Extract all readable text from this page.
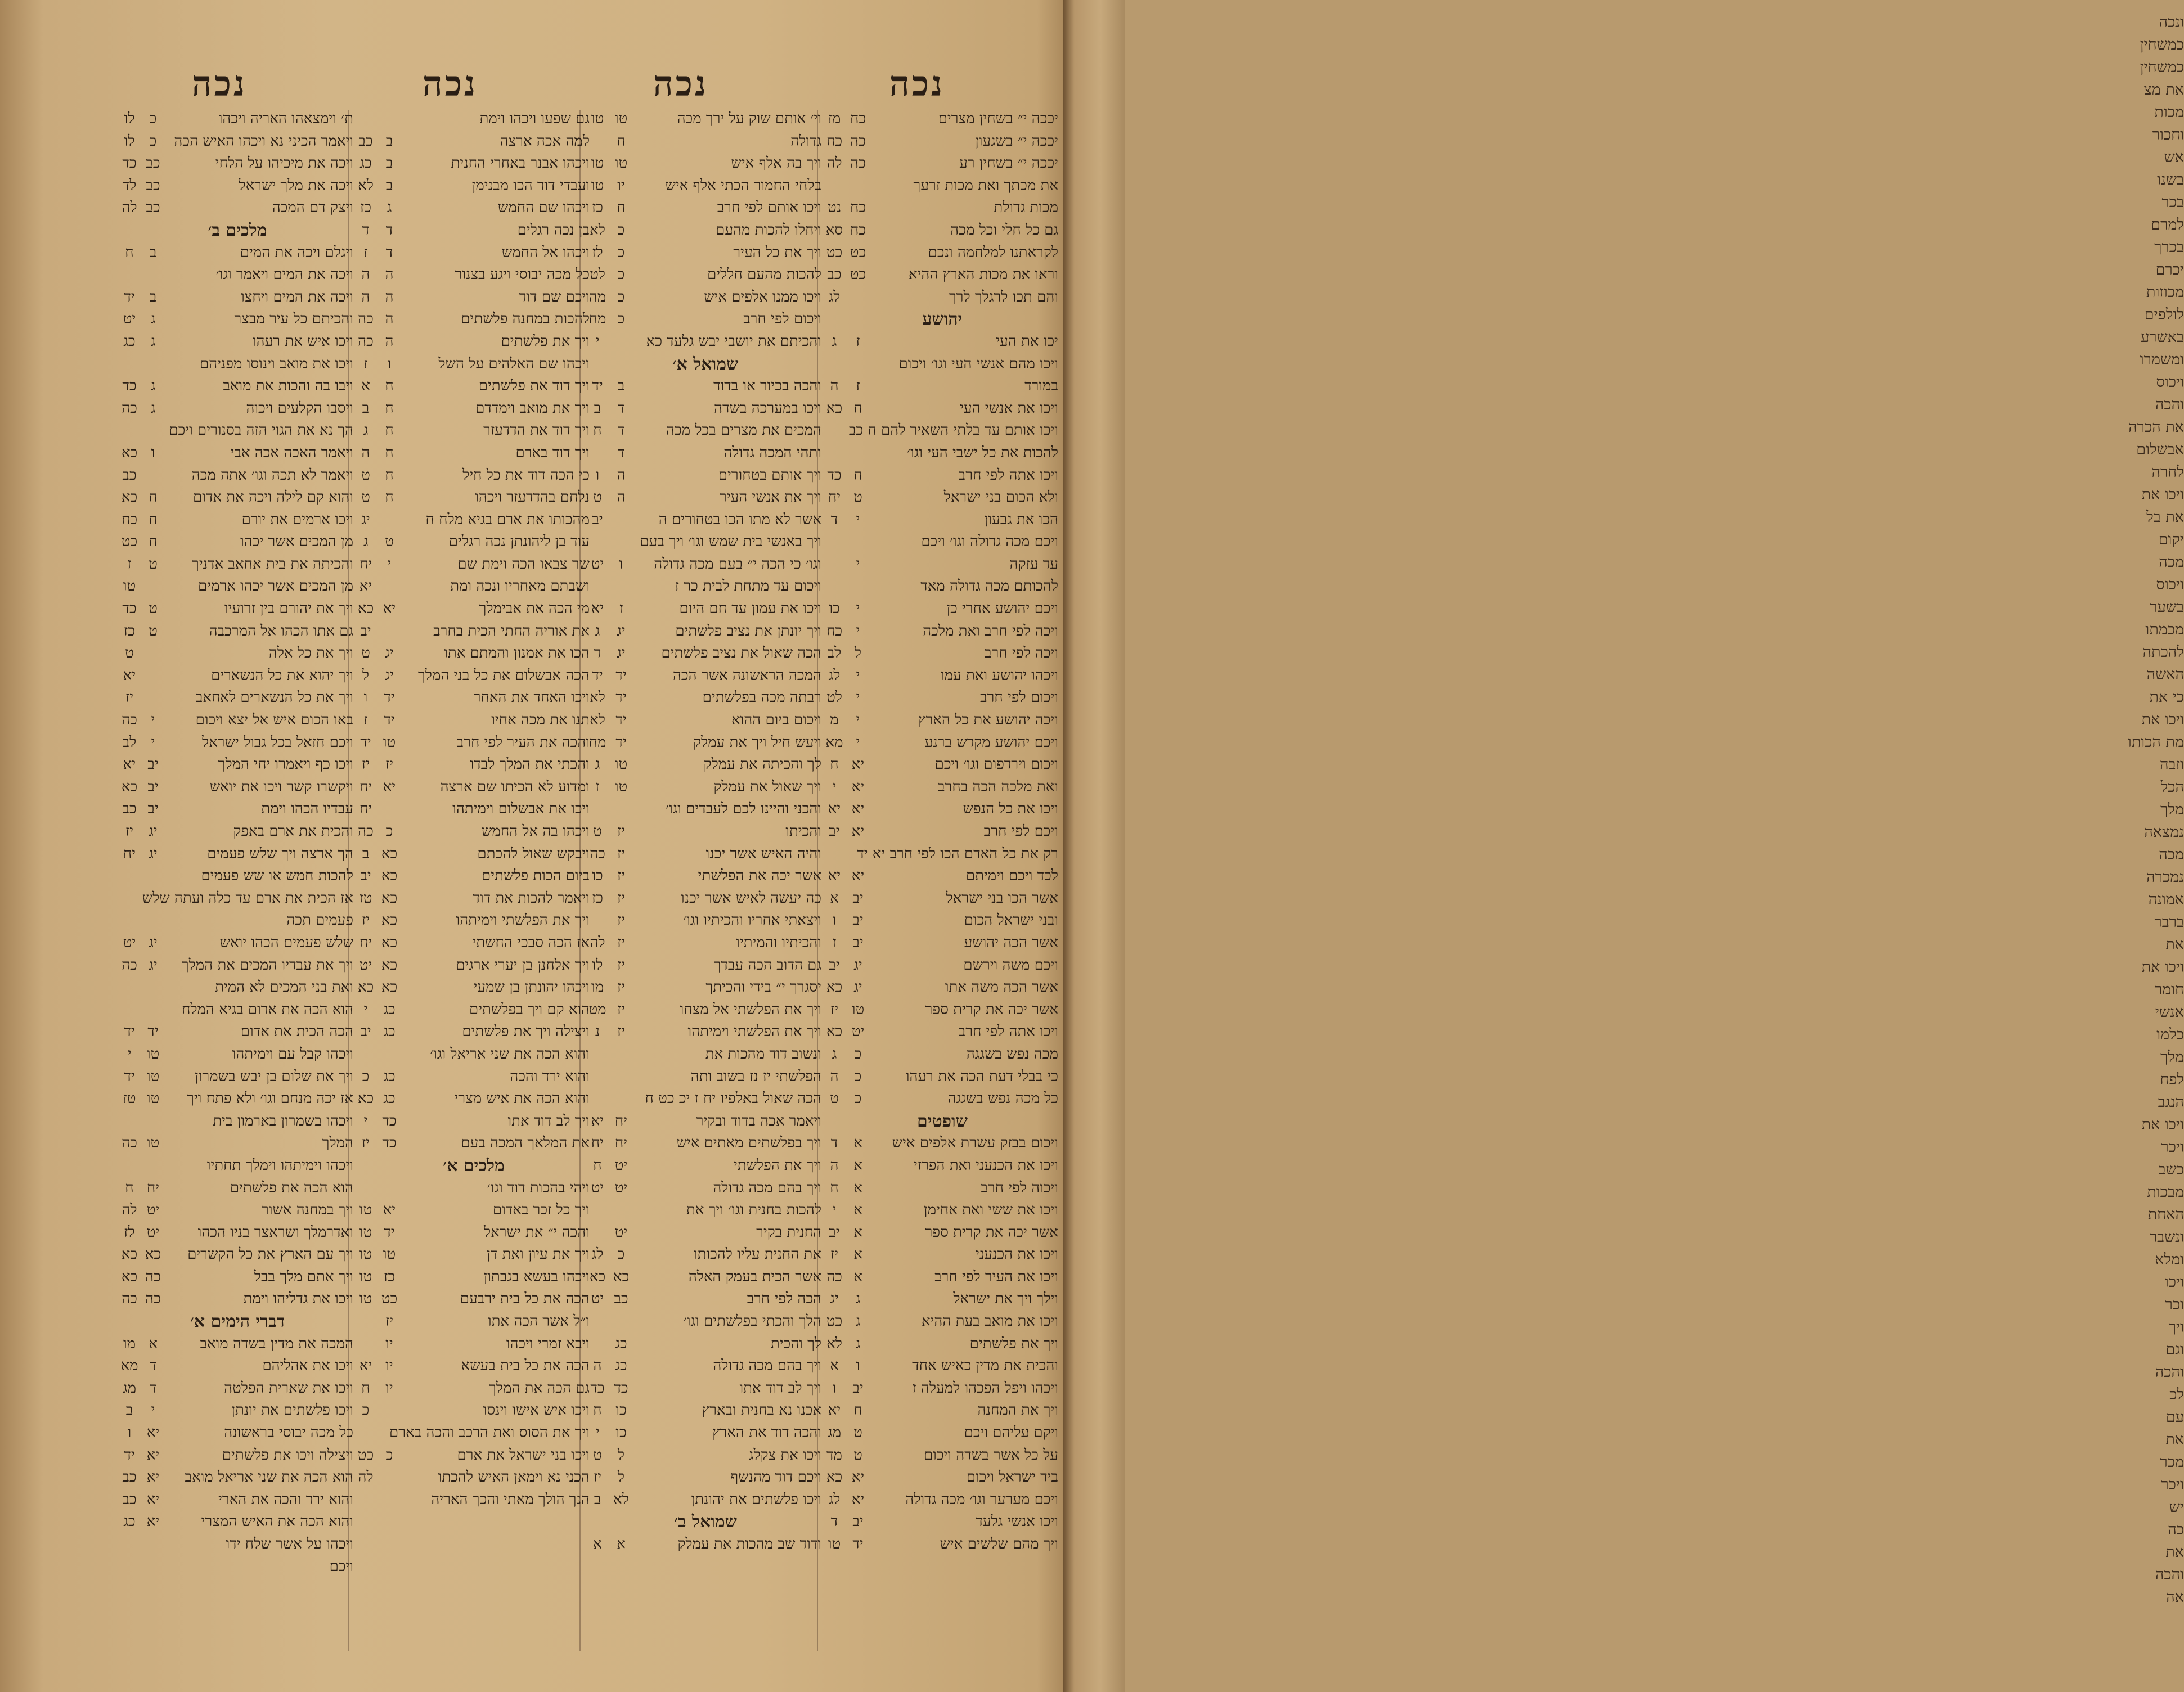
ונכה
כמשחין
כמשחין
את מצ
מכות
וחכור
אש
בשנו
בכר
למרם
בכרך
יכרם
מכוזות
לולפים
באשרע
ומשמרו
ויכוס
והכה
את הכרה
אבשלום
לחרה
ויכו את
את בל
יקום
מכה
ויכוס
בשער
מכמתו
להכתה
האשה
כי את
ויכו את
מת הכותו
וזבה
הכל
מלך
נמצאה
מכה
נמכרה
אמונה
ברבר
את
ויכו את
חומר
אנשי
כלמו
מלך
לפח
הנגב
ויכו את
ויכר
כשב
מבכות
האחת
ונשבר
ומלא
ויכו
וכר
ויך
וגם
והכה
לכ
עם
את
מכר
ויכר
יש
כה
את
והכה
אה
נכה
נכה
נכה
נכה
יככה י״ בשחין מצרים
כח
מז
יככה י״ בשגעון
כה
כח
יככה י״ בשחין רע
כה
לה
את מכתך ואת מכות זרעך
מכות גדולת
כח
נט
גם כל חלי וכל מכה
כח
סא
לקראתנו למלחמה ונכם
כט
כט
וראו את מכות הארץ ההיא
כט
כב
והם תכו לרגלך לרך
לג
יהושע
יכו את העי
ז
ג
ויכו מהם אנשי העי וגו׳ ויכום
במורד
ז
ה
ויכו את אנשי העי
ח
כא
ויכו אותם עד בלתי השאיר להם ח כב
להכות את כל ישבי העי וגו׳
ויכו אתה לפי חרב
ח
כד
ולא הכום בני ישראל
ט
יח
הכו את גבעון
י
ד
ויכם מכה גדולה וגו׳ ויכם
עד עזקה
י
להכותם מכה גדולה מאד
ויכם יהושע אחרי כן
י
כו
ויכה לפי חרב ואת מלכה
י
כח
ויכה לפי חרב
ל
לב
ויכהו יהושע ואת עמו
י
לג
ויכום לפי חרב
י
לט
ויכה יהושע את כל הארץ
י
מ
ויכם יהושע מקדש ברנע
י
מא
ויכום וירדפום וגו׳ ויכם
יא
ח
ואת מלכה הכה בחרב
יא
י
ויכו את כל הנפש
יא
יא
ויכם לפי חרב
יא
יב
רק את כל האדם הכו לפי חרב יא יד
לכד ויכם וימיתם
יא
יא
אשר הכו בני ישראל
יב
א
ובני ישראל הכום
יב
ו
אשר הכה יהושע
יב
ז
ויכם משה וירשם
יג
יב
אשר הכה משה אתו
יג
כא
אשר יכה את קרית ספר
טו
יז
ויכו אתה לפי חרב
יט
כא
מכה נפש בשגגה
כ
ג
כי בבלי דעת הכה את רעהו
כ
ה
כל מכה נפש בשגגה
כ
ט
שופטים
ויכום בבזק עשרת אלפים איש
א
ד
ויכו את הכנעני ואת הפרזי
א
ה
ויכוה לפי חרב
א
ח
ויכו את ששי ואת אחימן
א
י
אשר יכה את קרית ספר
א
יב
ויכו את הכנעני
א
יז
ויכו את העיר לפי חרב
א
כה
וילך ויך את ישראל
ג
יג
ויכו את מואב בעת ההיא
ג
כט
ויך את פלשתים
ג
לא
והכית את מדין כאיש אחד
ו
א
ויכהו ויפל הפכהו למעלה ז
יב
ו
ויך את המחנה
ח
יא
ויקם עליהם ויכם
ט
מג
על כל אשר בשדה ויכום
ט
מד
ביד ישראל ויכום
יא
כא
ויכם מערער וגו׳ מכה גדולה
יא
לג
ויכו אנשי גלעד
יב
ד
ויך מהם שלשים איש
יד
טו
וי׳ אותם שוק על ירך מכה
טו
טו
גדולה
ח
ויך בה אלף איש
טו
טו
בלחי החמור הכתי אלף איש
יו
טו
ויכו אותם לפי חרב
ח
כז
ויחלו להכות מהעם
כ
לא
ויך את כל העיר
כ
לז
להכות מהעם חללים
כ
לט
ויכו ממנו אלפים איש
כ
מה
ויכום לפי חרב
כ
מח
והכיתם את יושבי יבש גלעד כא
י
שמואל א׳
והכה בכיור או בדוד
ב
יד
ויכו במערכה בשדה
ד
ב
המכים את מצרים בכל מכה
ד
ח
ותהי המכה גדולה
ד
ויך אותם בטחורים
ה
ו
ויך את אנשי העיר
ה
ט
אשר לא מתו הכו בטחורים ה
יב
ויך באנשי בית שמש וגו׳ ויך בעם
וגו׳ כי הכה י״ בעם מכה גדולה
ו
יט
ויכום עד מתחת לבית כר ז
ויכו את עמון עד חם היום
ז
יא
ויך יונתן את נציב פלשתים
יג
ג
הכה שאול את נציב פלשתים
יג
ד
המכה הראשונה אשר הכה
יד
יד
רבתה מכה בפלשתים
יד
לא
ויכום ביום ההוא
יד
לא
ויעש חיל ויך את עמלק
יד
מח
לך והכיתה את עמלק
טו
ג
ויך שאול את עמלק
טו
ז
והכני והיינו לכם לעבדים וגו׳
והכיתו
יז
ט
והיה האיש אשר יכנו
יז
כה
אשר יכה את הפלשתי
יז
כו
כה יעשה לאיש אשר יכנו
יז
כז
ויצאתי אחריו והכיתיו וגו׳
יז
והכיתיו והמיתיו
יז
לה
גם הדוב הכה עבדך
יז
לו
יסגרך י״ בידי והכיתך
יז
מו
ויך את הפלשתי אל מצחו
יז
מט
ויך את הפלשתי וימיתהו
יז
נ
ונשוב דוד מהכות את
הפלשתי יז נז בשוב ותה
הכה שאול באלפיו יח ז יכ כט ח
ויאמר אכה בדוד ובקיר
יח
יא
ויך בפלשתים מאתים איש
יח
יח
ויך את הפלשתי
יט
ח
ויך בהם מכה גדולה
יט
יט
להכות בחנית וגו׳ ויך את
החנית בקיר
יט
את החנית עליו להכותו
כ
לג
אשר הכית בעמק האלה
כא
כא
הכה לפי חרב
כב
יט
הלך והכתי בפלשתים וגו׳
לך והכית
כג
ויך בהם מכה גדולה
כג
ה
ויך לב דוד אתו
כד
כד
אכנו נא בחנית ובארץ
כו
ח
והכה דוד את הארץ
כו
י
ויכו את צקלג
ל
ט
ויכם דוד מהנשף
ל
יז
ויכו פלשתים את יהונתן
לא
ב
שמואל ב׳
ודוד שב מהכות את עמלק
א
א
גם שפעו ויכהו וימת
למה אכה ארצה
ב
כב
ויכהו אבנר באחרי החנית
ב
כג
ועבדי דוד הכו מבנימן
ב
לא
ויכהו שם החמש
ג
כז
בן נכה רגלים
ד
ד
ויכהו אל החמש
ד
ז
כל מכה יבוסי ויגע בצנור
ה
ה
ויכם שם דוד
ה
ה
להכות במחנה פלשתים
ה
כה
ויך את פלשתים
ה
כה
ויכהו שם האלהים על השל
ו
ז
ויך דוד את פלשתים
ח
א
ויך את מואב וימדדם
ח
ב
ויך דוד את הדדעזר
ח
ג
ויך דוד בארם
ח
ה
כי הכה דוד את כל חיל
ח
ט
נלחם בהדדעזר ויכהו
ח
ט
מהכותו את ארם בגיא מלח ח
יג
עוד בן ליהונתן נכה רגלים
ט
ג
שר צבאו הכה וימת שם
י
יח
ושבתם מאחריו ונכה ומת
יא
מי הכה את אבימלך
יא
כא
את אוריה החתי הכית בחרב
יב
הכו את אמנון והמתם אתו
יג
ט
הכה אבשלום את כל בני המלך
יג
ל
ויכו האחד את האחר
יד
ו
תנו את מכה אחיו
יד
ז
והכה את העיר לפי חרב
טו
יד
והכתי את המלך לבדו
יז
יז
ומדוע לא הכיתו שם ארצה
יא
יח
ויכו את אבשלום וימיתהו
יח
ויכהו בה אל החמש
כ
כה
ויבקש שאול להכתם
כא
ב
ביום הכות פלשתים
כא
יב
ויאמר להכות את דוד
כא
טז
ויך את הפלשתי וימיתהו
כא
יז
אז הכה סבכי החשתי
כא
יח
ויך אלחנן בן יערי ארגים
כא
יט
ויכהו יהונתן בן שמעי
כא
כא
הוא קם ויך בפלשתים
כג
י
ויצילה ויך את פלשתים
כג
יב
והוא הכה את שני אריאל וגו׳
והוא ירד והכה
כג
כ
והוא הכה את איש מצרי
כג
כא
ויך לב דוד אתו
כד
י
את המלאך המכה בעם
כד
יז
מלכים א׳
ויהי בהכות דוד וגו׳
ויך כל זכר באדום
יא
טו
והכה י״ את ישראל
יד
טו
ויך את עיון ואת דן
טו
טו
ויכהו בעשא בגבתון
כז
טו
הכה את כל בית ירבעם
כט
טו
ו״ל אשר הכה אתו
יז
ויבא זמרי ויכהו
יו
הכה את כל בית בעשא
יו
יא
גם הכה את המלך
יו
ח
ויכו איש אישו וינסו
כ
ויך את הסוס ואת הרכב והכה בארם
ויכו בני ישראל את ארם
כ
כט
הכני נא וימאן האיש להכתו
לה
הנך הולך מאתי והכך האריה
ת׳ וימצאהו האריה ויכהו
כ
לו
ויאמר הכיני נא ויכהו האיש הכה
כ
לו
ויכה את מיכיהו על הלחי
כב
כד
ויכה את מלך ישראל
כב
לד
ויצק דם המכה
כב
לה
מלכים ב׳
ויגלם ויכה את המים
ב
ח
ויכה את המים ויאמר וגו׳
ויכה את המים ויחצו
ב
יד
והכיתם כל עיר מבצר
ג
יט
ויכו איש את רעהו
ג
כג
ויכו את מואב וינוסו מפניהם
ויבו בה והכות את מואב
ג
כד
ויסבו הקלעים ויכוה
ג
כה
הך נא את הגוי הזה בסנורים ויכם
ויאמר האכה אכה אבי
ו
כא
ויאמר לא תכה וגו׳ אתה מכה
כב
והוא קם לילה ויכה את אדום
ח
כא
ויכו ארמים את יורם
ח
כח
מן המכים אשר יכהו
ח
כט
והכיתה את בית אחאב אדניך
ט
ז
מן המכים אשר יכהו ארמים
טו
ויך את יהורם בין זרועיו
ט
כד
גם אתו הכהו אל המרכבה
ט
כז
ויך את כל אלה
ט
ויך יהוא את כל הנשארים
יא
ויך את כל הנשארים לאחאב
יז
באו הכום איש אל יצא ויכום
י
כה
ויכם חזאל בכל גבול ישראל
י
לב
ויכו כף ויאמרו יחי המלך
יב
יא
ויקשרו קשר ויכו את יואש
יב
כא
עבדיו הכהו וימת
יב
כב
והכית את ארם באפק
יג
יז
הך ארצה ויך שלש פעמים
יג
יח
להכות חמש או שש פעמים
אז הכית את ארם עד כלה ועתה שלש
פעמים תכה
שלש פעמים הכהו יואש
יג
יט
ויך את עבדיו המכים את המלך
יג
כה
ואת בני המכים לא המית
הוא הכה את אדום בגיא המלח
הכה הכית את אדום
יד
יד
ויכהו קבל עם וימיתהו
טו
י
ויך את שלום בן יבש בשמרון
טו
יד
אז יכה מנחם וגו׳ ולא פתח ויך
טו
טז
ויכהו בשמרון בארמון בית
המלך
טו
כה
ויכהו וימיתהו וימלך תחתיו
הוא הכה את פלשתים
יח
ח
ויך במחנה אשור
יט
לה
ואדרמלך ושראצר בניו הכהו
יט
לז
ויך עם הארץ את כל הקשרים
כא
כא
ויך אתם מלך בבל
כה
כא
ויכו את גדליהו וימת
כה
כה
דברי הימים א׳
המכה את מדין בשדה מואב
א
מו
ויכו את אהליהם
ד
מא
ויכו את שארית הפלטה
ד
מג
ויכו פלשתים את יונתן
י
ב
כל מכה יבוסי בראשונה
יא
ו
ויצילה ויכו את פלשתים
יא
יד
הוא הכה את שני אריאל מואב
יא
כב
והוא ירד והכה את הארי
יא
כב
והוא הכה את האיש המצרי
יא
כג
ויכהו על אשר שלח ידו
ויכם
